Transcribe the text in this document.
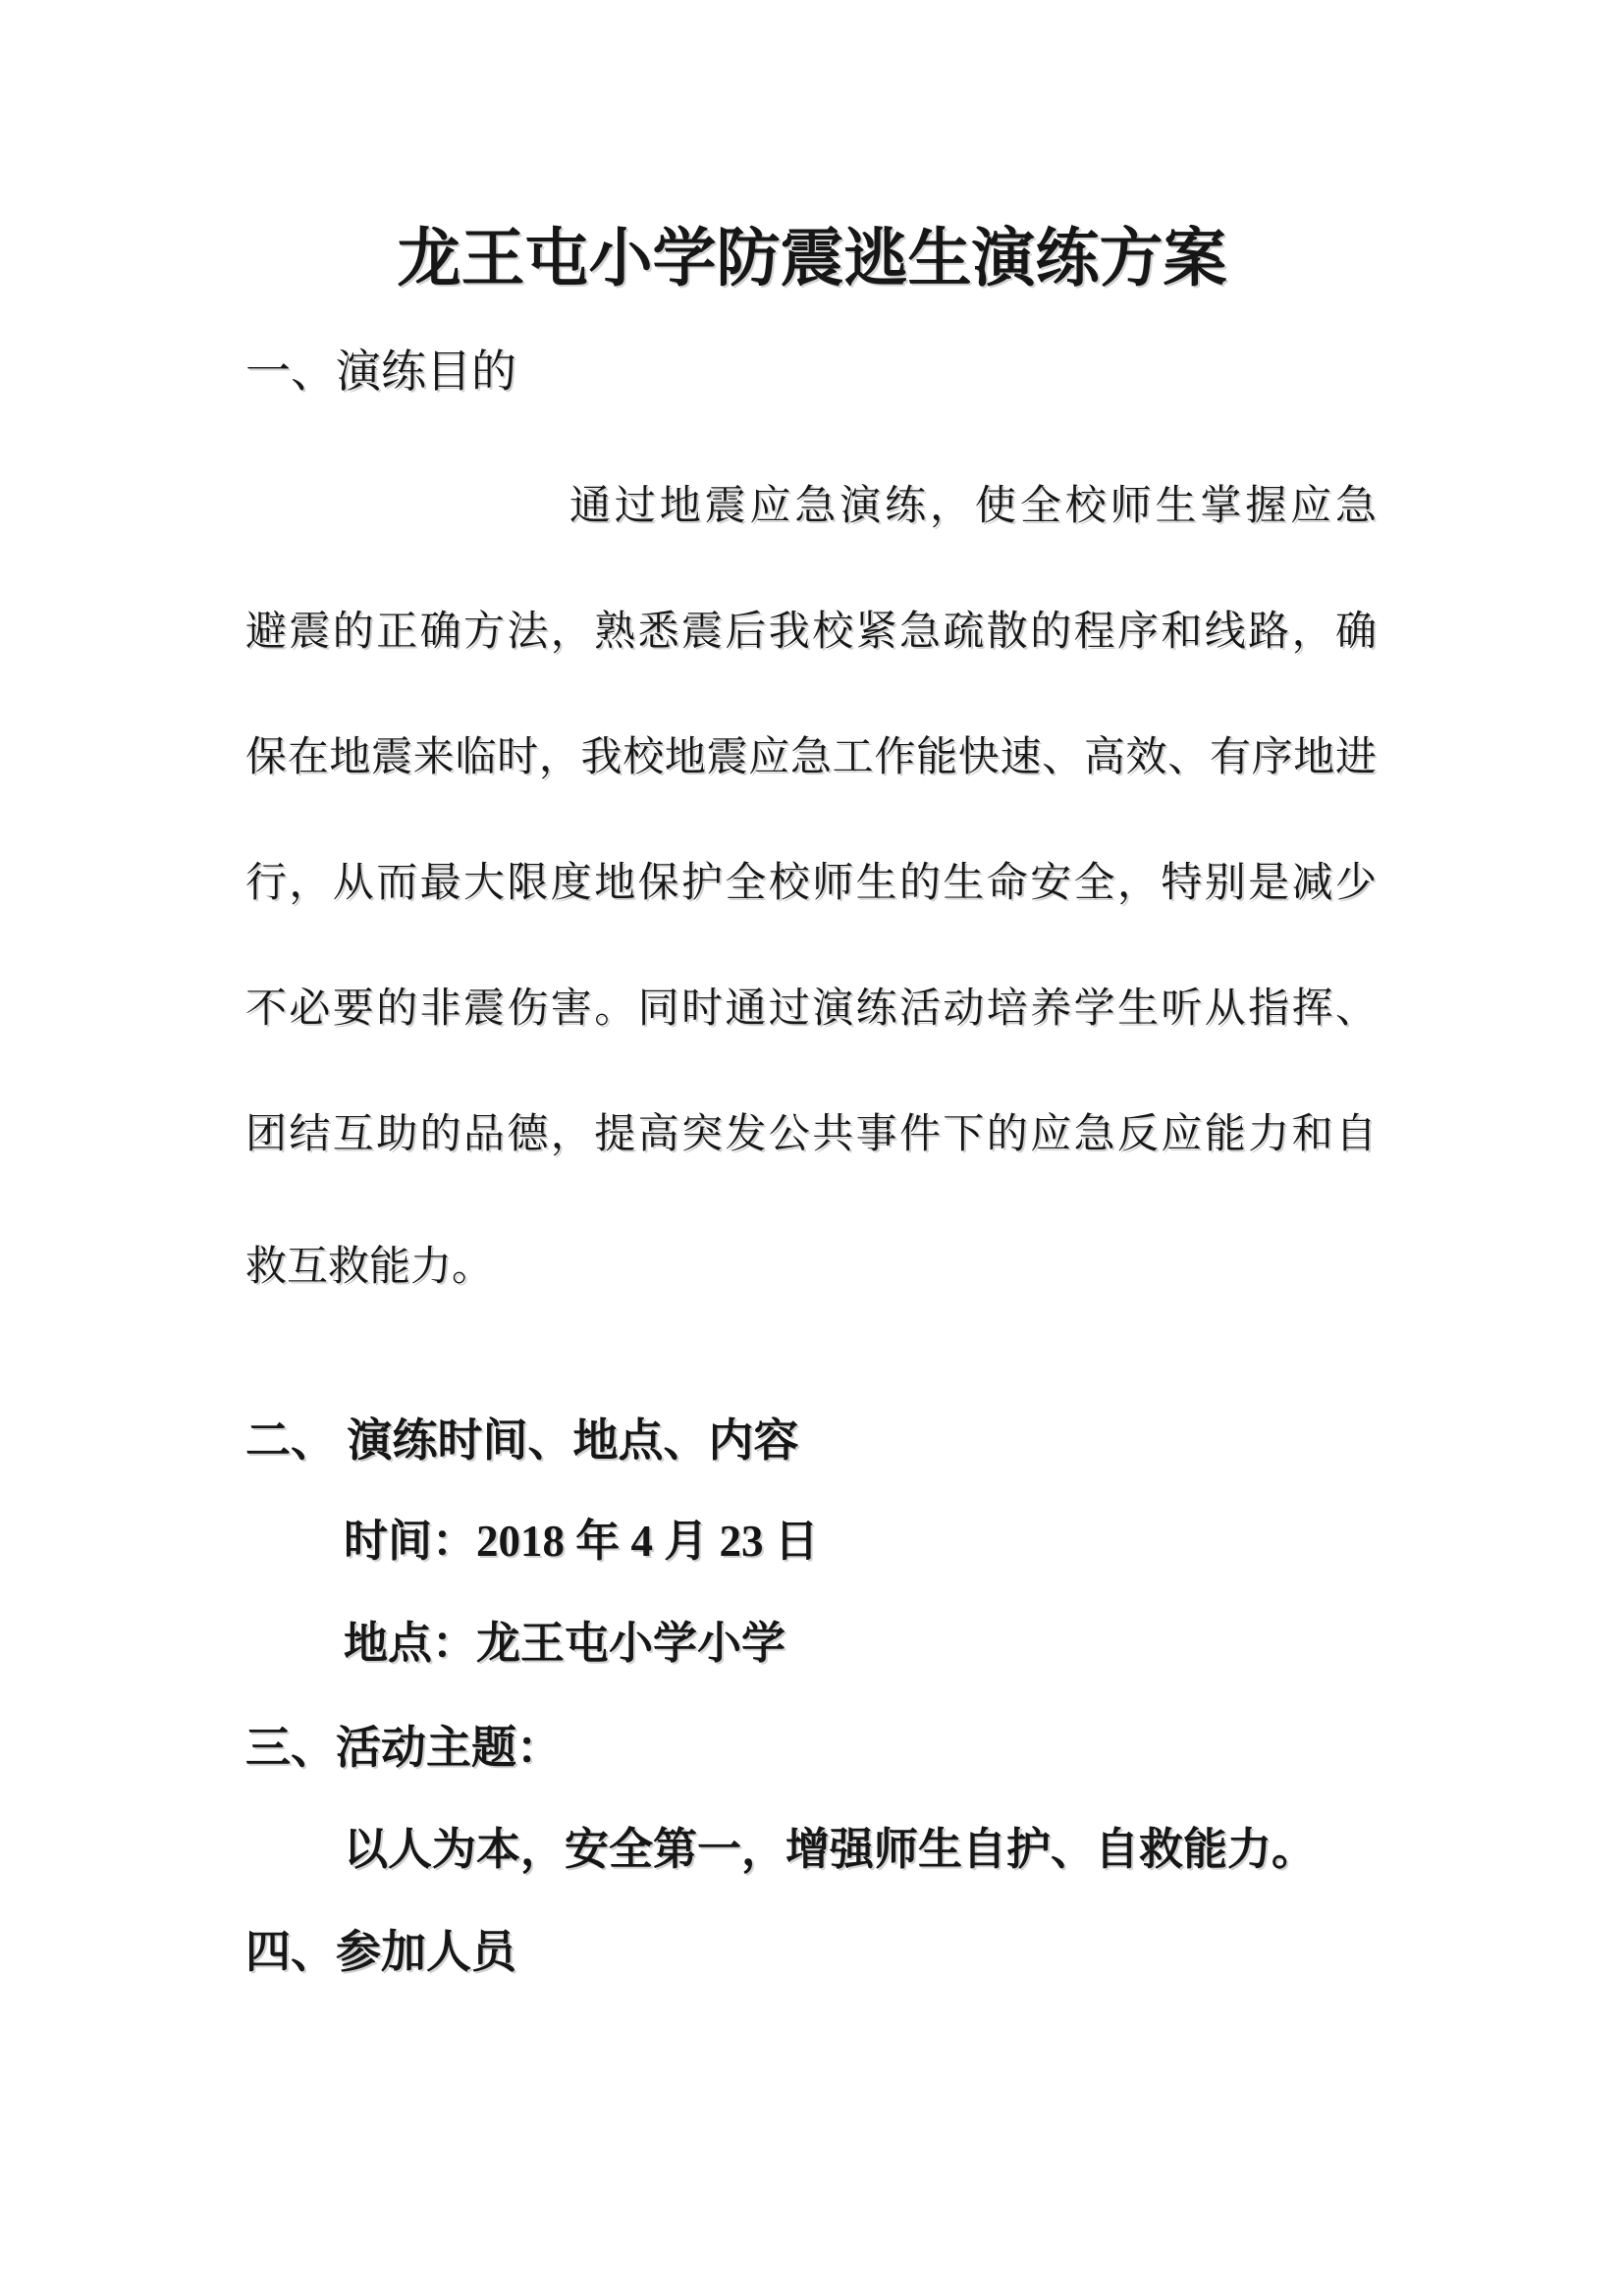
龙王屯小学防震逃生演练方案
一、演练目的
通过地震应急演练，使全校师生掌握应急
避震的正确方法，熟悉震后我校紧急疏散的程序和线路，确
保在地震来临时，我校地震应急工作能快速、高效、有序地进
行，从而最大限度地保护全校师生的生命安全，特别是减少
不必要的非震伤害。同时通过演练活动培养学生听从指挥、
团结互助的品德，提高突发公共事件下的应急反应能力和自
救互救能力。
二、 演练时间、地点、内容
时间：2018 年 4 月 23 日
地点：龙王屯小学小学
三、活动主题：
以人为本，安全第一，增强师生自护、自救能力。
四、参加人员
